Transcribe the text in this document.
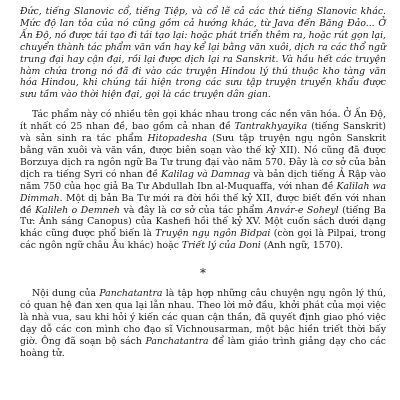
Đức, tiếng Slanovic cổ, tiếng Tiệp, và cổ lẽ cả các thứ tiếng Slanovic khác. Mức độ lan tỏa của nó cũng gồm cả hướng khác, từ Java đến Băng Đảo... Ở Ấn Độ, nó được tái tạo đi tái tạo lại: hoặc phát triển thêm ra, hoặc rút gọn lại, chuyển thành tác phẩm văn vần hay kể lại bằng văn xuôi, dịch ra các thổ ngữ trung đại hay cận đại, rồi lại được dịch lại ra Sanskrit. Và hầu hết các truyện hàm chứa trong nó đã đi vào các truyện Hindou lý thú thuộc kho tàng văn hóa Hindou, khi chúng tái hiện trong các sưu tập truyện truyền khẩu được sưu tầm vào thời hiện đại, gọi là các truyện dân gian.

Tác phẩm này có nhiều tên gọi khác nhau trong các nền văn hóa. Ở Ấn Độ, ít nhất có 25 nhan đề, bao gồm cả nhan đề Tantrakhyayika (tiếng Sanskrit) và sản sinh ra tác phẩm Hitopadesha (Sưu tập truyện ngụ ngôn Sanskrit bằng văn xuôi và văn vần, được biên soạn vào thế kỷ XII). Nó cũng đã được Borzuya dịch ra ngôn ngữ Ba Tư trung đại vào năm 570. Đây là cơ sở của bản dịch ra tiếng Syri có nhan đề Kalilag và Damnag và bản dịch tiếng Ả Rập vào năm 750 của học giả Ba Tư Abdullah Ibn al-Muquaffa, với nhan đề Kalilah wa Dimmah. Một dị bản Ba Tư mới ra đời hồi thế kỷ XII, được biết đến với nhan đề Kalileh o Demneh và đây là cơ sở của tác phẩm Anvár-e Soheyl (tiếng Ba Tư: Ánh sáng Canopus) của Kashefi hồi thế kỷ XV. Một cuốn sách dưới dạng khác cũng được phổ biến là Truyện ngụ ngôn Bidpai (còn gọi là Pilpai, trong các ngôn ngữ châu Âu khác) hoặc Triết lý của Doni (Anh ngữ, 1570).

*

Nội dung của Panchatantra là tập hợp những câu chuyện ngụ ngôn lý thú, có quan hệ đan xen qua lại lẫn nhau. Theo lời mở đầu, khởi phát của mọi việc là nhà vua, sau khi hỏi ý kiến các quan cận thần, đã quyết định giao phó việc dạy dỗ các con mình cho đạo sĩ Vichnousarman, một bậc hiền triết thời bấy giờ. Ông đã soạn bộ sách Panchatantra để làm giáo trình giảng dạy cho các hoàng tử.
